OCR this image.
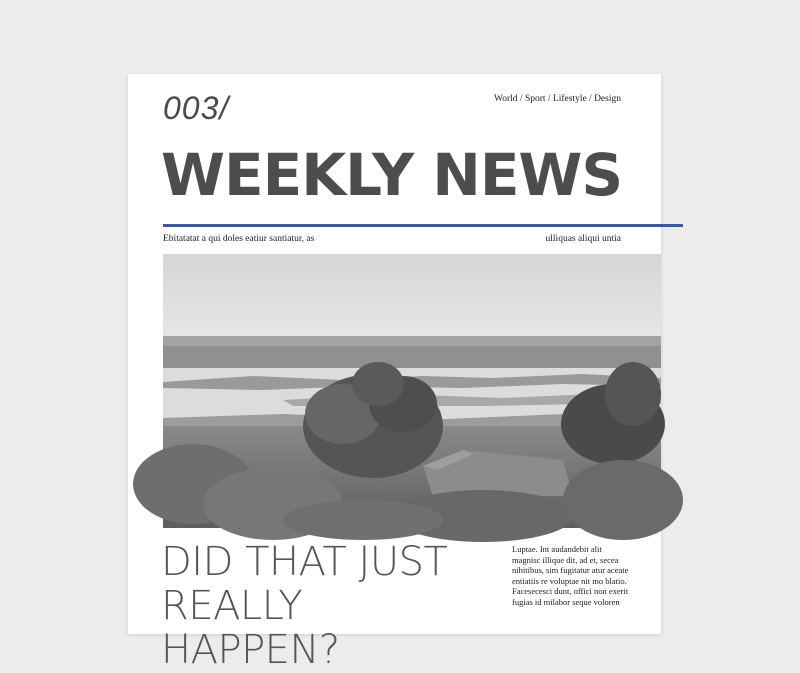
003/	World / Sport / Lifestyle / Design
WEEKLY NEWS
Ebitatatat a qui doles eatiur santiatur, as	ulliquas aliqui untia
DID THAT JUST REALLY HAPPEN?
Luptae. Int audandebit alit magnisc illique dit, ad et, secea nihitibus, sim fugitatur atur aceate entiatiis re voluptae nit mo blatio. Facesecesci dunt, offici non exerit fugias id milabor seque voloren
